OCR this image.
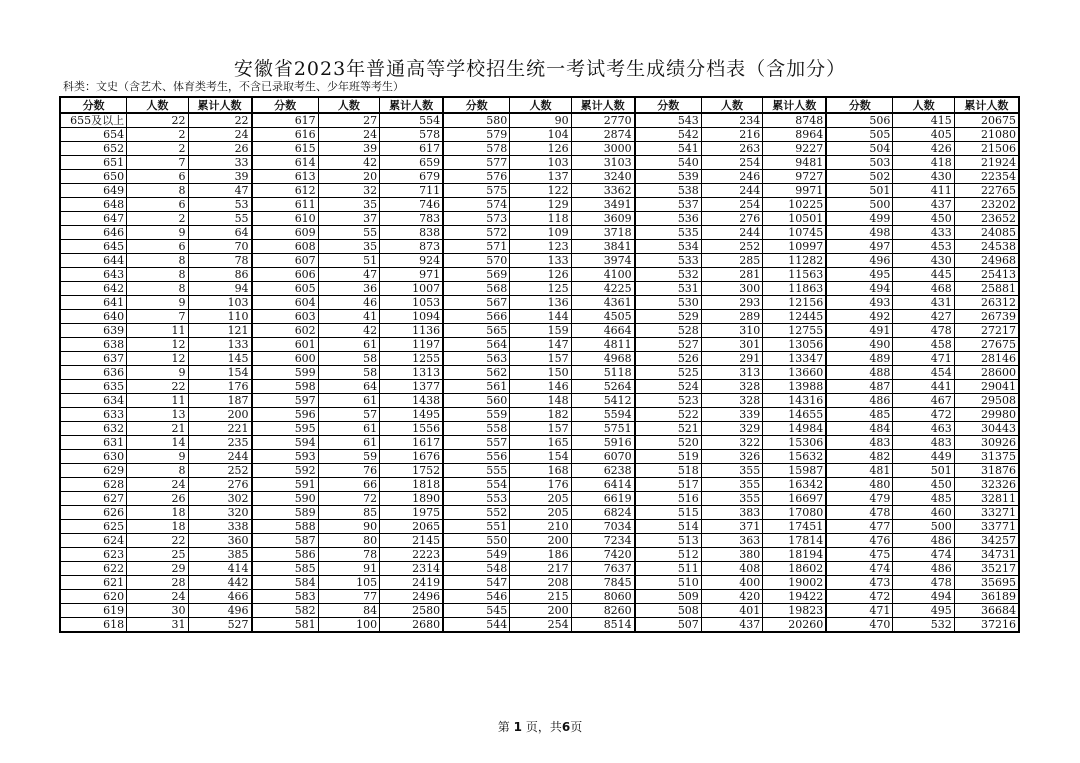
安徽省2023年普通高等学校招生统一考试考生成绩分档表（含加分）
科类：文史（含艺术、体育类考生，不含已录取考生、少年班等考生）
分数	人数	累计人数	分数	人数	累计人数	分数	人数	累计人数	分数	人数	累计人数	分数	人数	累计人数
655及以上	22	22	617	27	554	580	90	2770	543	234	8748	506	415	20675
654	2	24	616	24	578	579	104	2874	542	216	8964	505	405	21080
652	2	26	615	39	617	578	126	3000	541	263	9227	504	426	21506
651	7	33	614	42	659	577	103	3103	540	254	9481	503	418	21924
650	6	39	613	20	679	576	137	3240	539	246	9727	502	430	22354
649	8	47	612	32	711	575	122	3362	538	244	9971	501	411	22765
648	6	53	611	35	746	574	129	3491	537	254	10225	500	437	23202
647	2	55	610	37	783	573	118	3609	536	276	10501	499	450	23652
646	9	64	609	55	838	572	109	3718	535	244	10745	498	433	24085
645	6	70	608	35	873	571	123	3841	534	252	10997	497	453	24538
644	8	78	607	51	924	570	133	3974	533	285	11282	496	430	24968
643	8	86	606	47	971	569	126	4100	532	281	11563	495	445	25413
642	8	94	605	36	1007	568	125	4225	531	300	11863	494	468	25881
641	9	103	604	46	1053	567	136	4361	530	293	12156	493	431	26312
640	7	110	603	41	1094	566	144	4505	529	289	12445	492	427	26739
639	11	121	602	42	1136	565	159	4664	528	310	12755	491	478	27217
638	12	133	601	61	1197	564	147	4811	527	301	13056	490	458	27675
637	12	145	600	58	1255	563	157	4968	526	291	13347	489	471	28146
636	9	154	599	58	1313	562	150	5118	525	313	13660	488	454	28600
635	22	176	598	64	1377	561	146	5264	524	328	13988	487	441	29041
634	11	187	597	61	1438	560	148	5412	523	328	14316	486	467	29508
633	13	200	596	57	1495	559	182	5594	522	339	14655	485	472	29980
632	21	221	595	61	1556	558	157	5751	521	329	14984	484	463	30443
631	14	235	594	61	1617	557	165	5916	520	322	15306	483	483	30926
630	9	244	593	59	1676	556	154	6070	519	326	15632	482	449	31375
629	8	252	592	76	1752	555	168	6238	518	355	15987	481	501	31876
628	24	276	591	66	1818	554	176	6414	517	355	16342	480	450	32326
627	26	302	590	72	1890	553	205	6619	516	355	16697	479	485	32811
626	18	320	589	85	1975	552	205	6824	515	383	17080	478	460	33271
625	18	338	588	90	2065	551	210	7034	514	371	17451	477	500	33771
624	22	360	587	80	2145	550	200	7234	513	363	17814	476	486	34257
623	25	385	586	78	2223	549	186	7420	512	380	18194	475	474	34731
622	29	414	585	91	2314	548	217	7637	511	408	18602	474	486	35217
621	28	442	584	105	2419	547	208	7845	510	400	19002	473	478	35695
620	24	466	583	77	2496	546	215	8060	509	420	19422	472	494	36189
619	30	496	582	84	2580	545	200	8260	508	401	19823	471	495	36684
618	31	527	581	100	2680	544	254	8514	507	437	20260	470	532	37216
第 1 页，共6页
